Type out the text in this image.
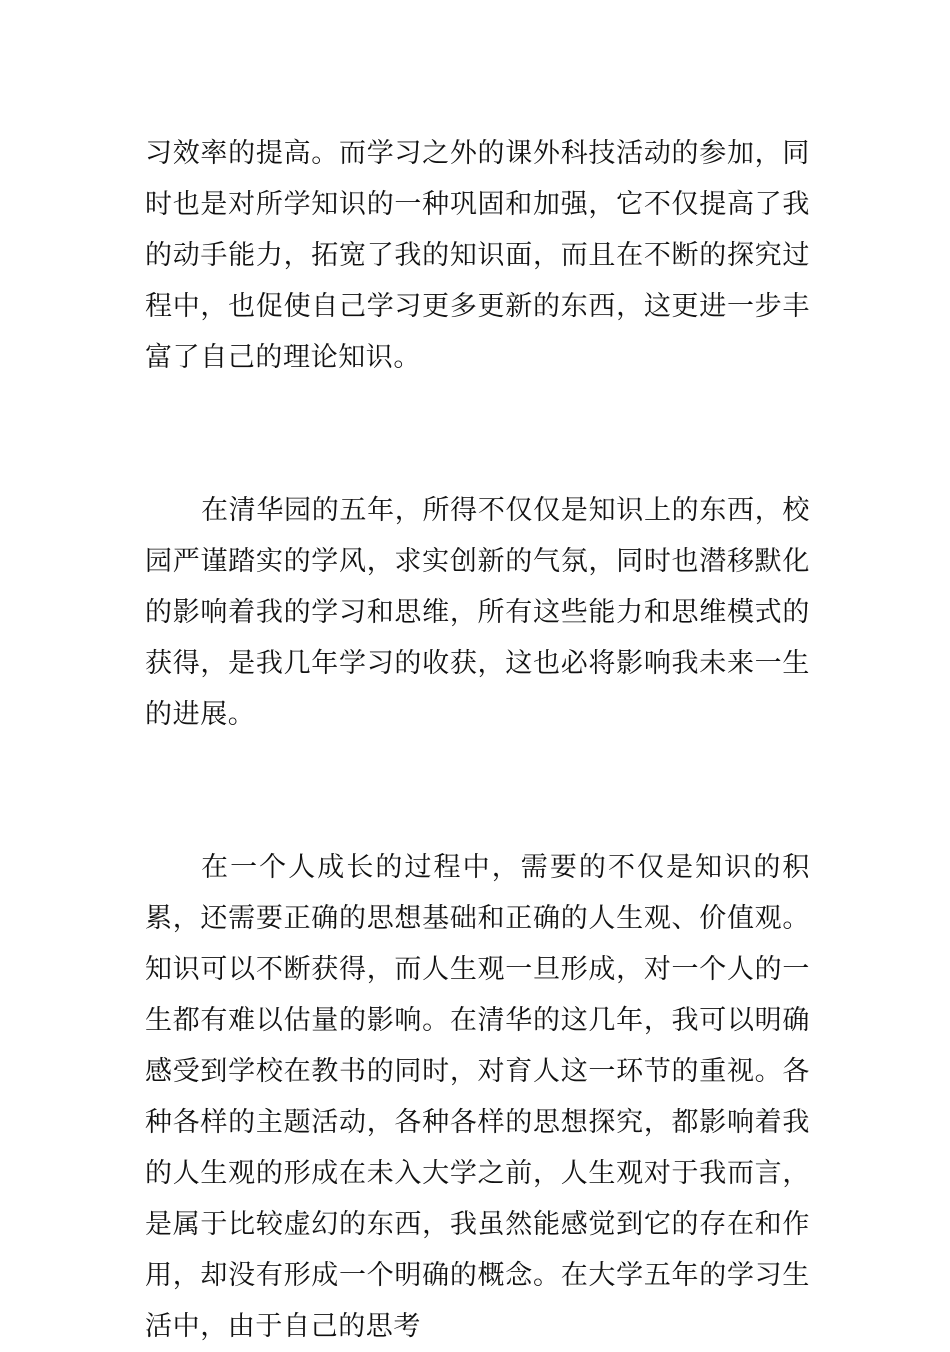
习效率的提高。而学习之外的课外科技活动的参加，同时也是对所学知识的一种巩固和加强，它不仅提高了我的动手能力，拓宽了我的知识面，而且在不断的探究过程中，也促使自己学习更多更新的东西，这更进一步丰富了自己的理论知识。

在清华园的五年，所得不仅仅是知识上的东西，校园严谨踏实的学风，求实创新的气氛，同时也潜移默化的影响着我的学习和思维，所有这些能力和思维模式的获得，是我几年学习的收获，这也必将影响我未来一生的进展。

在一个人成长的过程中，需要的不仅是知识的积累，还需要正确的思想基础和正确的人生观、价值观。知识可以不断获得，而人生观一旦形成，对一个人的一生都有难以估量的影响。在清华的这几年，我可以明确感受到学校在教书的同时，对育人这一环节的重视。各种各样的主题活动，各种各样的思想探究，都影响着我的人生观的形成在未入大学之前，人生观对于我而言，是属于比较虚幻的东西，我虽然能感觉到它的存在和作用，却没有形成一个明确的概念。在大学五年的学习生活中，由于自己的思考
